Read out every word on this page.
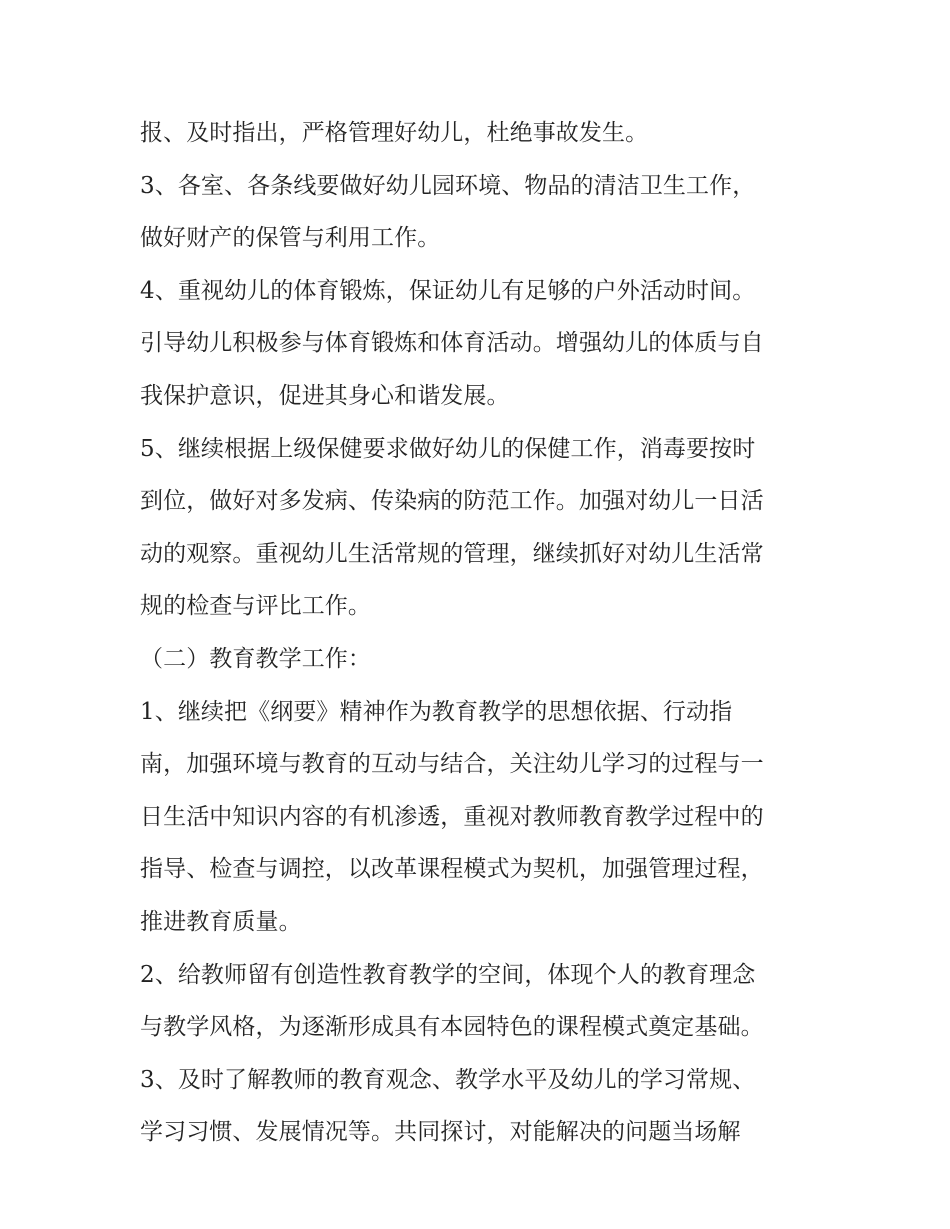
报、及时指出，严格管理好幼儿，杜绝事故发生。
3、各室、各条线要做好幼儿园环境、物品的清洁卫生工作，
做好财产的保管与利用工作。
4、重视幼儿的体育锻炼，保证幼儿有足够的户外活动时间。
引导幼儿积极参与体育锻炼和体育活动。增强幼儿的体质与自
我保护意识，促进其身心和谐发展。
5、继续根据上级保健要求做好幼儿的保健工作，消毒要按时
到位，做好对多发病、传染病的防范工作。加强对幼儿一日活
动的观察。重视幼儿生活常规的管理，继续抓好对幼儿生活常
规的检查与评比工作。
（二）教育教学工作：
1、继续把《纲要》精神作为教育教学的思想依据、行动指
南，加强环境与教育的互动与结合，关注幼儿学习的过程与一
日生活中知识内容的有机渗透，重视对教师教育教学过程中的
指导、检查与调控，以改革课程模式为契机，加强管理过程，
推进教育质量。
2、给教师留有创造性教育教学的空间，体现个人的教育理念
与教学风格，为逐渐形成具有本园特色的课程模式奠定基础。
3、及时了解教师的教育观念、教学水平及幼儿的学习常规、
学习习惯、发展情况等。共同探讨，对能解决的问题当场解
